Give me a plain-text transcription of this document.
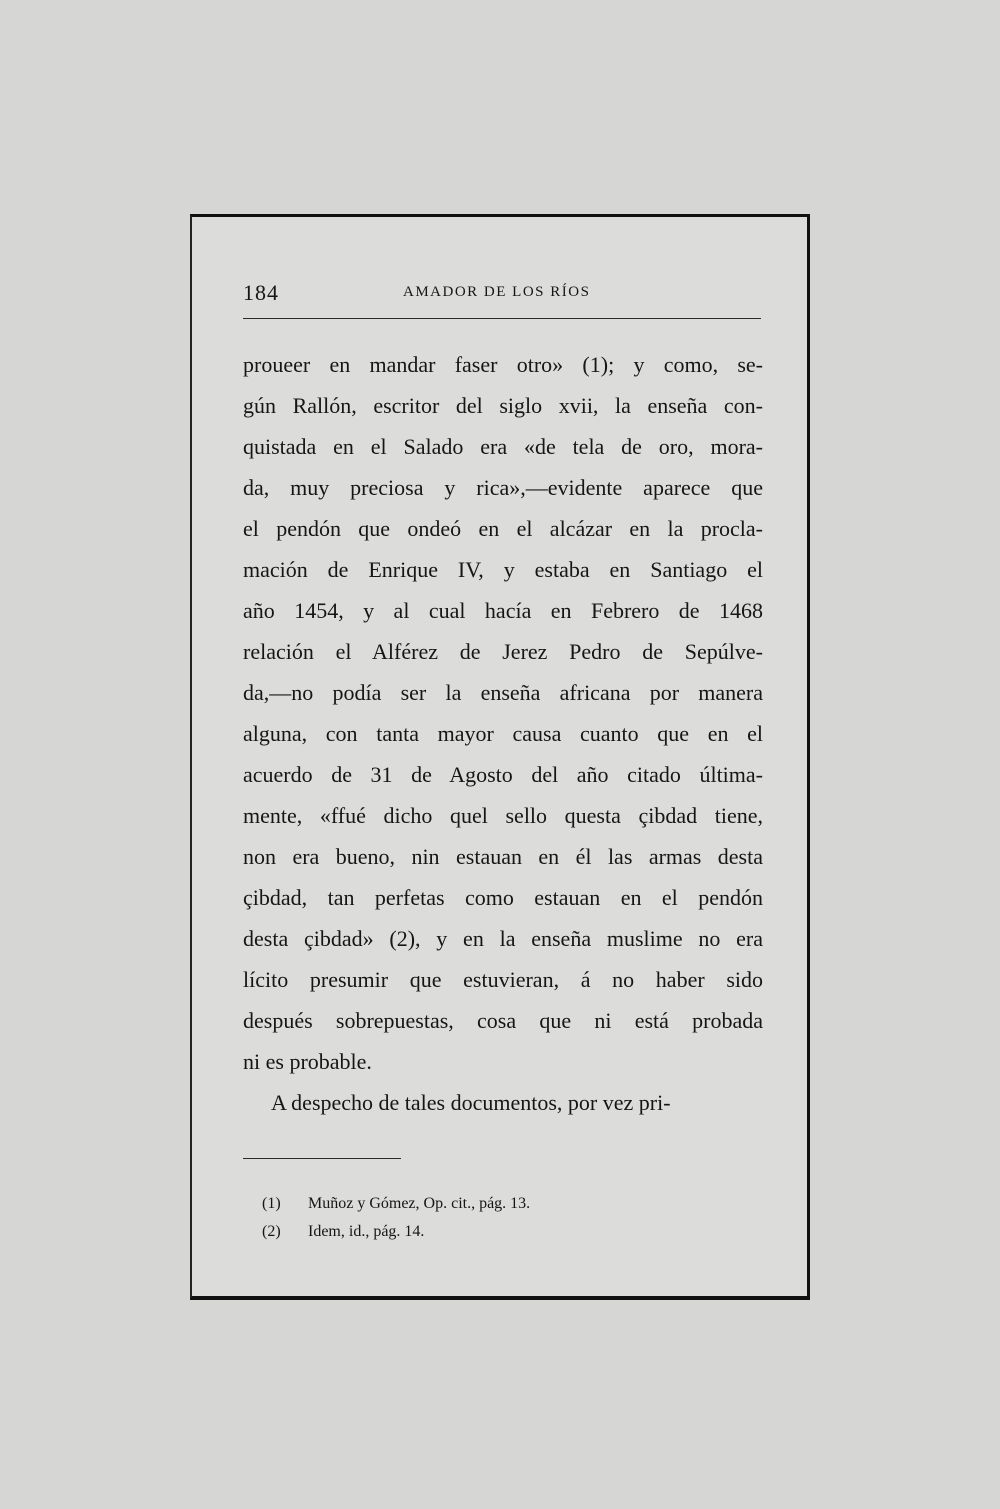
184	AMADOR DE LOS RÍOS
proueer en mandar faser otro» (1); y como, se-
gún Rallón, escritor del siglo xvii, la enseña con-
quistada en el Salado era «de tela de oro, mora-
da, muy preciosa y rica»,—evidente aparece que
el pendón que ondeó en el alcázar en la procla-
mación de Enrique IV, y estaba en Santiago el
año 1454, y al cual hacía en Febrero de 1468
relación el Alférez de Jerez Pedro de Sepúlve-
da,—no podía ser la enseña africana por manera
alguna, con tanta mayor causa cuanto que en el
acuerdo de 31 de Agosto del año citado última-
mente, «ffué dicho quel sello questa çibdad tiene,
non era bueno, nin estauan en él las armas desta
çibdad, tan perfetas como estauan en el pendón
desta çibdad» (2), y en la enseña muslime no era
lícito presumir que estuvieran, á no haber sido
después sobrepuestas, cosa que ni está probada
ni es probable.
A despecho de tales documentos, por vez pri-
(1) Muñoz y Gómez, Op. cit., pág. 13.
(2) Idem, id., pág. 14.
